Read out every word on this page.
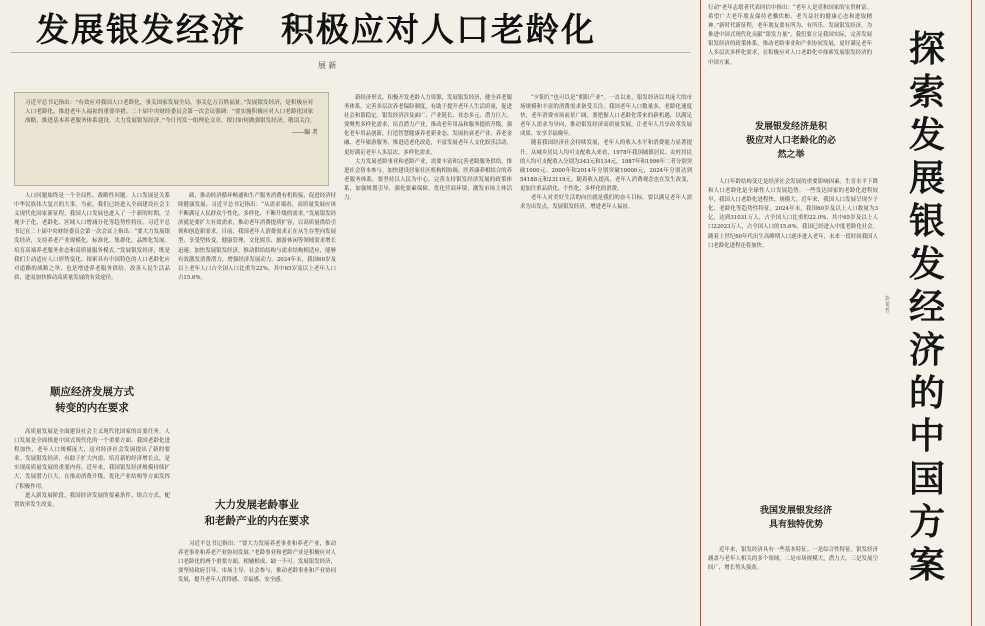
发展银发经济　积极应对人口老龄化
展 新
习近平总书记指出：“有效应对我国人口老龄化，事关国家发展全局，事关亿万百姓福祉。”发展银发经济，是积极应对人口老龄化、推进老年人福祉的重要举措。二十届中央财经委员会第一次会议强调：“要实施积极应对人口老龄化国家战略，推进基本养老服务体系建设，大力发展银发经济。”今日刊发一组理论文章，探讨如何做强银发经济，敬请关注。
——编 者

人口问题始终是一个全局性、战略性问题。人口发展是关系中华民族伟大复兴的大事。当前，我们已经进入全面建设社会主义现代化国家新征程，我国人口发展也进入了一个新的时期，呈现少子化、老龄化、区域人口增减分化等趋势性特征。习近平总书记在二十届中央财经委员会第一次会议上指出：“要大力发展银发经济，支持养老产业规模化、标准化、集群化、品牌化发展。培育高端养老服务业态和高质量服务模式。”发展银发经济，既是我们主动适应人口形势变化、探索具有中国特色的人口老龄化应对道路的战略之举，也是增进养老服务供给、改善人民生活品质、进而加快推动高质量发展的有效途径。

顺应经济发展方式
转变的内在要求

高质量发展是全面建设社会主义现代化国家的首要任务。人口发展是全面推进中国式现代化的一个重要方面。我国老龄化进程加快，老年人口规模庞大，这对经济社会发展提出了新的要求。发展银发经济，有助于扩大内需、培育新的经济增长点，是实现高质量发展的重要内容。近年来，我国银发经济规模持续扩大，发展潜力巨大，在推动消费升级、优化产业结构等方面发挥了积极作用。

进入新发展阶段，我国经济发展的要素条件、组合方式、配置效率发生改变。

础，推动经济循环畅通和生产服务消费有机衔接，促进经济持续健康发展。习近平总书记指出：“从需求端看，高质量发展应该不断满足人民群众个性化、多样化、不断升级的需求。”发展银发经济就是要扩大有效需求，推动老年消费提质扩容，以高质量供给引领和创造新需求。目前，我国老年人消费需求正在从生存型向发展型、享受型转变，健康管理、文化娱乐、旅游休闲等领域需求增长迅速。加快发展银发经济，推动供给结构与需求结构相适应，能够有效激发消费潜力，增强经济发展动力。2024年末，我国60岁及以上老年人口占全国人口比重为22%，其中65岁及以上老年人口占15.6%。

大力发展老龄事业
和老龄产业的内在要求

习近平总书记指出：“要大力发展养老事业和养老产业，推动养老事业和养老产业协同发展。”老龄事业和老龄产业是积极应对人口老龄化的两个重要方面，相辅相成、缺一不可。发展银发经济，要坚持政府引导、市场主导、社会参与，推动老龄事业和产业协同发展，提升老年人获得感、幸福感、安全感。

新经济形式。积极开发老龄人力资源，发展银发经济，健全养老服务体系，完善多层次养老保险制度，有助于提升老年人生活质量，促进社会和谐稳定。银发经济涉及面广、产业链长、业态多元、潜力巨大。要聚焦多样化需求，培育潜力产业，推动老年用品和服务提质升级，强化老年用品创新，打造智慧健康养老新业态，发展抗衰老产业、养老金融、老年旅游服务，推进适老化改造，丰富发展老年人文化娱乐活动，更好满足老年人多层次、多样化需求。

大力发展老龄事业和老龄产业，需要丰富和完善老龄服务供给，推进社会资本参与，加快建设居家社区机构相协调、医养康养相结合的养老服务体系。要坚持以人民为中心，完善支持银发经济发展的政策体系，加强规划引导，强化要素保障，优化营商环境，激发市场主体活力。

“夕阳红”也可以是“朝阳产业”。一直以来，银发经济以其庞大的市场规模和丰富的消费需求备受关注。我国老年人口数量多，老龄化速度快，老年消费市场前景广阔。要把握人口老龄化带来的新机遇，以满足老年人需求为导向，推动银发经济高质量发展，让老年人共享改革发展成果、安享幸福晚年。

随着我国经济社会持续发展，老年人的收入水平和消费能力显著提升。从城乡居民人均可支配收入来看，1978年我国城镇居民、农村居民的人均可支配收入分别为343元和134元，1987年和1996年二者分别突破1000元、2000年和2014年分别突破10000元，2024年分别达到54188元和23119元。随着收入提高，老年人消费观念也在发生改变，更加注重品质化、个性化、多样化的消费。

老年人对美好生活的向往就是我们的奋斗目标。要以满足老年人需求为出发点，发展银发经济，增进老年人福祉。

行动”老年志愿者代表回信中指出：“老年人是党和国家的宝贵财富。希望广大老年朋友保持老骥伏枥、老当益壮的健康心态和进取精神。”新时代新征程，老年朋友要有所为、有所乐。发展银发经济，为推进中国式现代化贡献“银发力量”。我们要立足我国实际，完善发展银发经济的政策体系，推动老龄事业和产业协同发展，更好满足老年人多层次多样化需求，在积极应对人口老龄化中探索发展银发经济的中国方案。

发展银发经济是积
极应对人口老龄化的必
然之举

人口年龄结构变迁是经济社会发展的重要影响因素。生育水平下降和人口老龄化是全球性人口发展趋势。一些发达国家的老龄化进程较早，我国人口老龄化进程快、规模大。近年来，我国人口发展呈现少子化、老龄化等趋势性特征。2024年末，我国60岁及以上人口数量为3亿，达到31031万人，占全国人口比重的22.0%，其中65岁及以上人口22023万人，占全国人口的15.6%。我国已经进入中度老龄化社会。随着上世纪60年代出生高峰期人口逐步进入老年，未来一段时间我国人口老龄化进程还将加快。

我国发展银发经济
具有独特优势

近年来，银发经济具有一些基本特征。一是综合性特征。银发经济涵盖与老年人相关的多个领域。二是市场规模大，潜力大。三是发展空间广，增长势头强劲。

探索发展银发经济的中国方案
彭希哲
